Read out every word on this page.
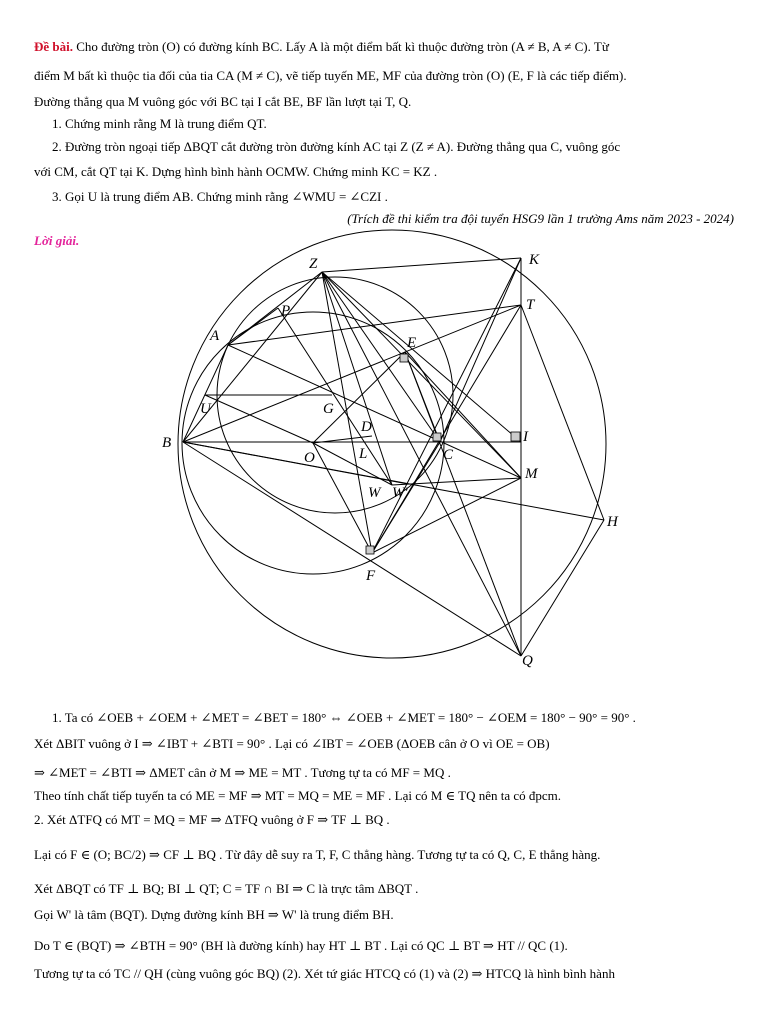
Đề bài. Cho đường tròn (O) có đường kính BC. Lấy A là một điểm bất kì thuộc đường tròn (A ≠ B, A ≠ C). Từ
điểm M bất kì thuộc tia đối của tia CA (M ≠ C), vẽ tiếp tuyến ME, MF của đường tròn (O) (E, F là các tiếp điểm).
Đường thẳng qua M vuông góc với BC tại I cắt BE, BF lần lượt tại T, Q.
1. Chứng minh rằng M là trung điểm QT.
2. Đường tròn ngoại tiếp ΔBQT cắt đường tròn đường kính AC tại Z (Z ≠ A). Đường thẳng qua C, vuông góc
với CM, cắt QT tại K. Dựng hình bình hành OCMW. Chứng minh KC = KZ .
3. Gọi U là trung điểm AB. Chứng minh rằng ∠WMU = ∠CZI .
(Trích đề thi kiểm tra đội tuyển HSG9 lần 1 trường Ams năm 2023 - 2024)
Lời giải.
Z	K
T
P
A	E
U	G
I
D
B
O	L	C
M
W W'
H
F
Q
1. Ta có ∠OEB + ∠OEM + ∠MET = ∠BET = 180° ⇔ ∠OEB + ∠MET = 180° − ∠OEM = 180° − 90° = 90° .
Xét ΔBIT vuông ở I ⇒ ∠IBT + ∠BTI = 90° . Lại có ∠IBT = ∠OEB (ΔOEB cân ở O vì OE = OB)
⇒ ∠MET = ∠BTI ⇒ ΔMET cân ở M ⇒ ME = MT . Tương tự ta có MF = MQ .
Theo tính chất tiếp tuyến ta có ME = MF ⇒ MT = MQ = ME = MF . Lại có M ∈ TQ nên ta có đpcm.
2. Xét ΔTFQ có MT = MQ = MF ⇒ ΔTFQ vuông ở F ⇒ TF ⊥ BQ .
Lại có F ∈ (O; BC/2) ⇒ CF ⊥ BQ . Từ đây dễ suy ra T, F, C thẳng hàng. Tương tự ta có Q, C, E thẳng hàng.
Xét ΔBQT có TF ⊥ BQ; BI ⊥ QT; C = TF ∩ BI ⇒ C là trực tâm ΔBQT .
Gọi W' là tâm (BQT). Dựng đường kính BH ⇒ W' là trung điểm BH.
Do T ∈ (BQT) ⇒ ∠BTH = 90° (BH là đường kính) hay HT ⊥ BT . Lại có QC ⊥ BT ⇒ HT // QC (1).
Tương tự ta có TC // QH (cùng vuông góc BQ) (2). Xét tứ giác HTCQ có (1) và (2) ⇒ HTCQ là hình bình hành
